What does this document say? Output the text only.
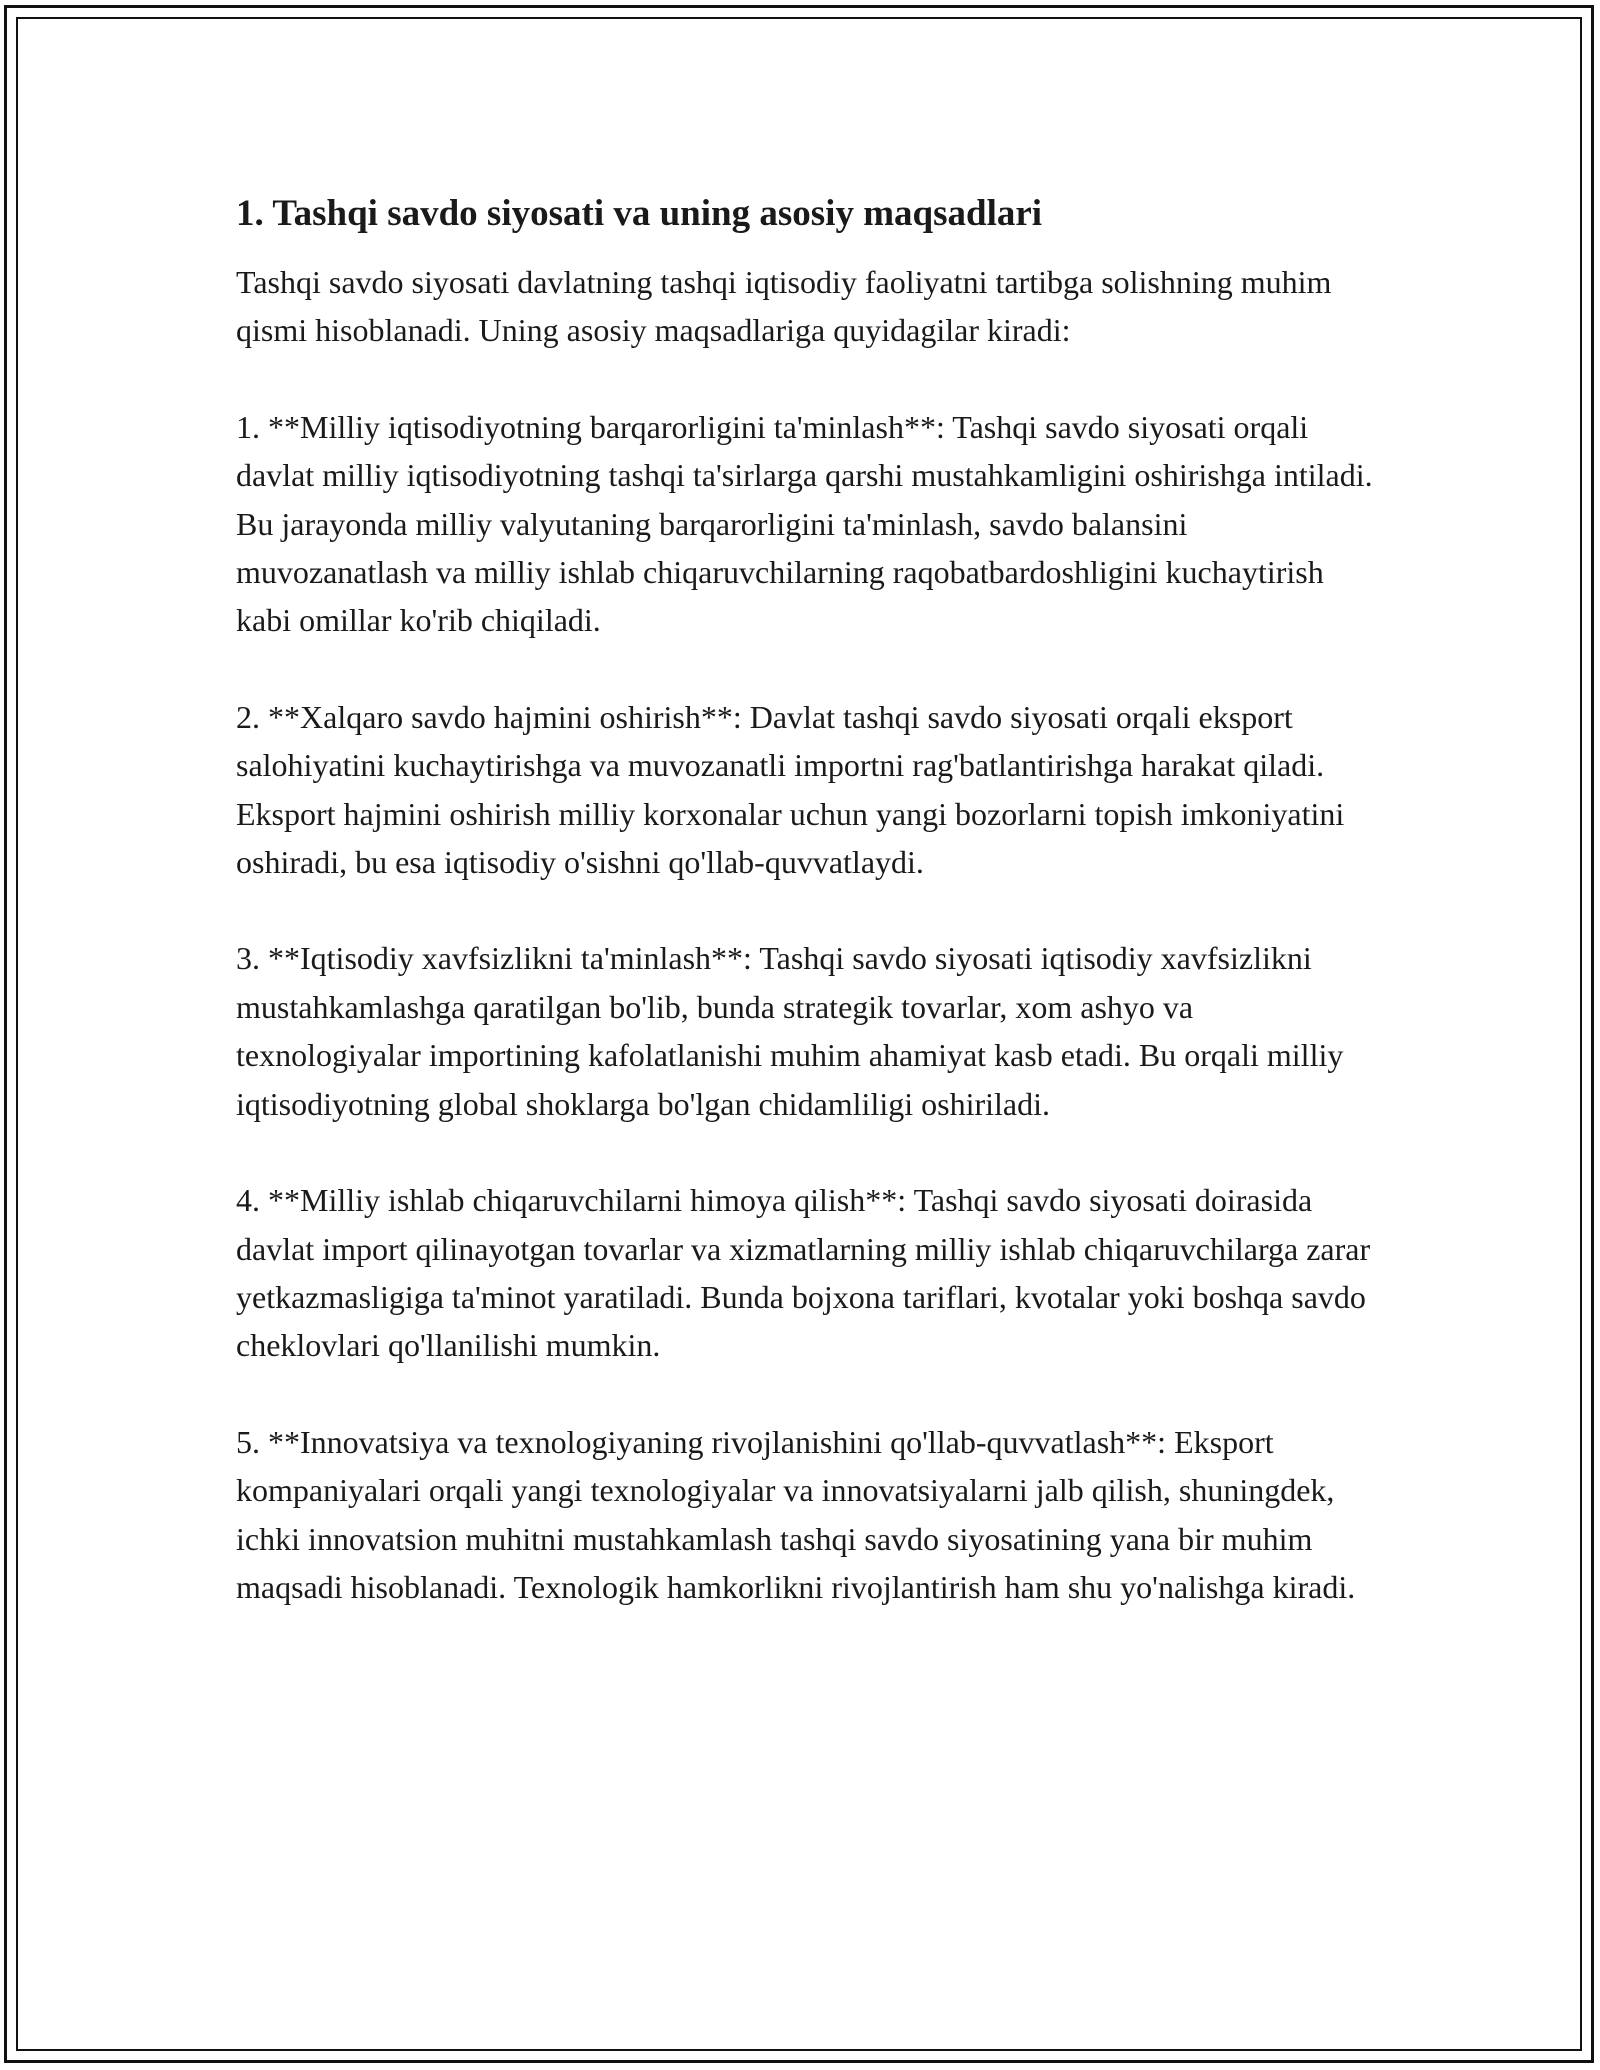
1. Tashqi savdo siyosati va uning asosiy maqsadlari

Tashqi savdo siyosati davlatning tashqi iqtisodiy faoliyatni tartibga solishning muhim qismi hisoblanadi. Uning asosiy maqsadlariga quyidagilar kiradi:

1. **Milliy iqtisodiyotning barqarorligini ta'minlash**: Tashqi savdo siyosati orqali davlat milliy iqtisodiyotning tashqi ta'sirlarga qarshi mustahkamligini oshirishga intiladi. Bu jarayonda milliy valyutaning barqarorligini ta'minlash, savdo balansini muvozanatlash va milliy ishlab chiqaruvchilarning raqobatbardoshligini kuchaytirish kabi omillar ko'rib chiqiladi.

2. **Xalqaro savdo hajmini oshirish**: Davlat tashqi savdo siyosati orqali eksport salohiyatini kuchaytirishga va muvozanatli importni rag'batlantirishga harakat qiladi. Eksport hajmini oshirish milliy korxonalar uchun yangi bozorlarni topish imkoniyatini oshiradi, bu esa iqtisodiy o'sishni qo'llab-quvvatlaydi.

3. **Iqtisodiy xavfsizlikni ta'minlash**: Tashqi savdo siyosati iqtisodiy xavfsizlikni mustahkamlashga qaratilgan bo'lib, bunda strategik tovarlar, xom ashyo va texnologiyalar importining kafolatlanishi muhim ahamiyat kasb etadi. Bu orqali milliy iqtisodiyotning global shoklarga bo'lgan chidamliligi oshiriladi.

4. **Milliy ishlab chiqaruvchilarni himoya qilish**: Tashqi savdo siyosati doirasida davlat import qilinayotgan tovarlar va xizmatlarning milliy ishlab chiqaruvchilarga zarar yetkazmasligiga ta'minot yaratiladi. Bunda bojxona tariflari, kvotalar yoki boshqa savdo cheklovlari qo'llanilishi mumkin.

5. **Innovatsiya va texnologiyaning rivojlanishini qo'llab-quvvatlash**: Eksport kompaniyalari orqali yangi texnologiyalar va innovatsiyalarni jalb qilish, shuningdek, ichki innovatsion muhitni mustahkamlash tashqi savdo siyosatining yana bir muhim maqsadi hisoblanadi. Texnologik hamkorlikni rivojlantirish ham shu yo'nalishga kiradi.
